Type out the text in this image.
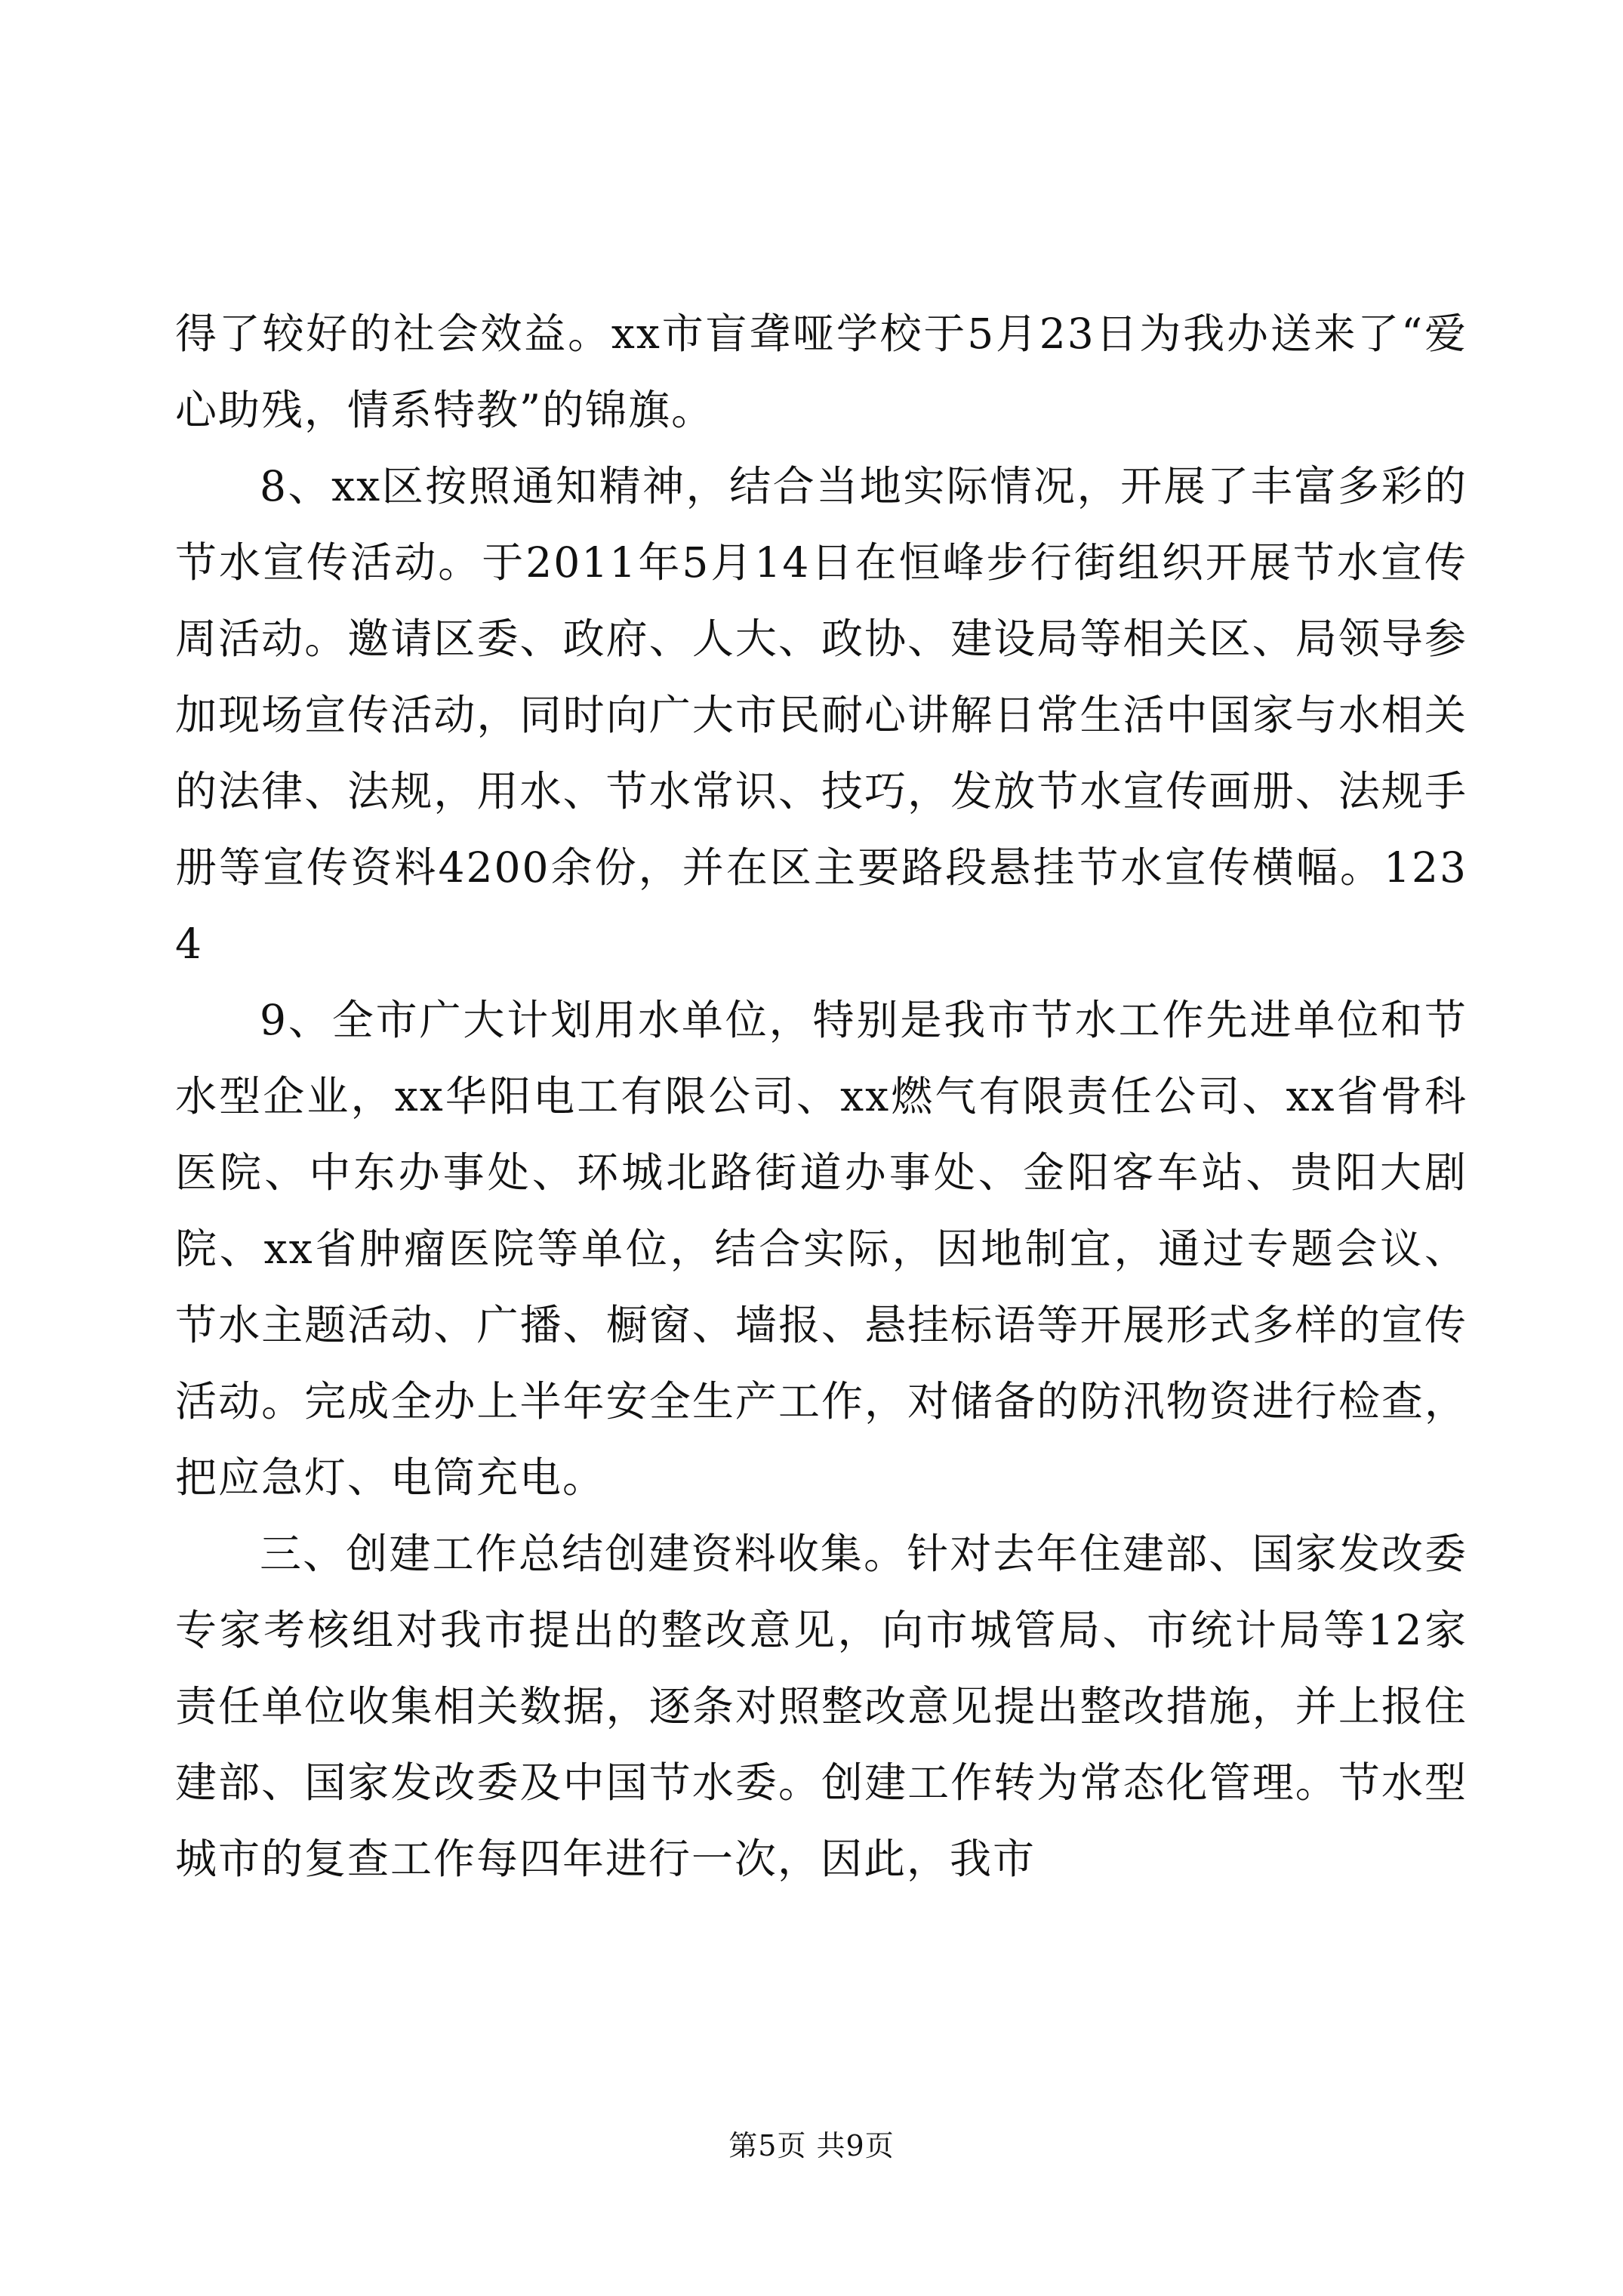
得了较好的社会效益。xx市盲聋哑学校于5月23日为我办送来了“爱心助残，情系特教”的锦旗。

8、xx区按照通知精神，结合当地实际情况，开展了丰富多彩的节水宣传活动。于2011年5月14日在恒峰步行街组织开展节水宣传周活动。邀请区委、政府、人大、政协、建设局等相关区、局领导参加现场宣传活动，同时向广大市民耐心讲解日常生活中国家与水相关的法律、法规，用水、节水常识、技巧，发放节水宣传画册、法规手册等宣传资料4200余份，并在区主要路段悬挂节水宣传横幅。1234

9、全市广大计划用水单位，特别是我市节水工作先进单位和节水型企业，xx华阳电工有限公司、xx燃气有限责任公司、xx省骨科医院、中东办事处、环城北路街道办事处、金阳客车站、贵阳大剧院、xx省肿瘤医院等单位，结合实际，因地制宜，通过专题会议、节水主题活动、广播、橱窗、墙报、悬挂标语等开展形式多样的宣传活动。完成全办上半年安全生产工作，对储备的防汛物资进行检查，把应急灯、电筒充电。

三、创建工作总结创建资料收集。针对去年住建部、国家发改委专家考核组对我市提出的整改意见，向市城管局、市统计局等12家责任单位收集相关数据，逐条对照整改意见提出整改措施，并上报住建部、国家发改委及中国节水委。创建工作转为常态化管理。节水型城市的复查工作每四年进行一次，因此，我市

第5页 共9页
